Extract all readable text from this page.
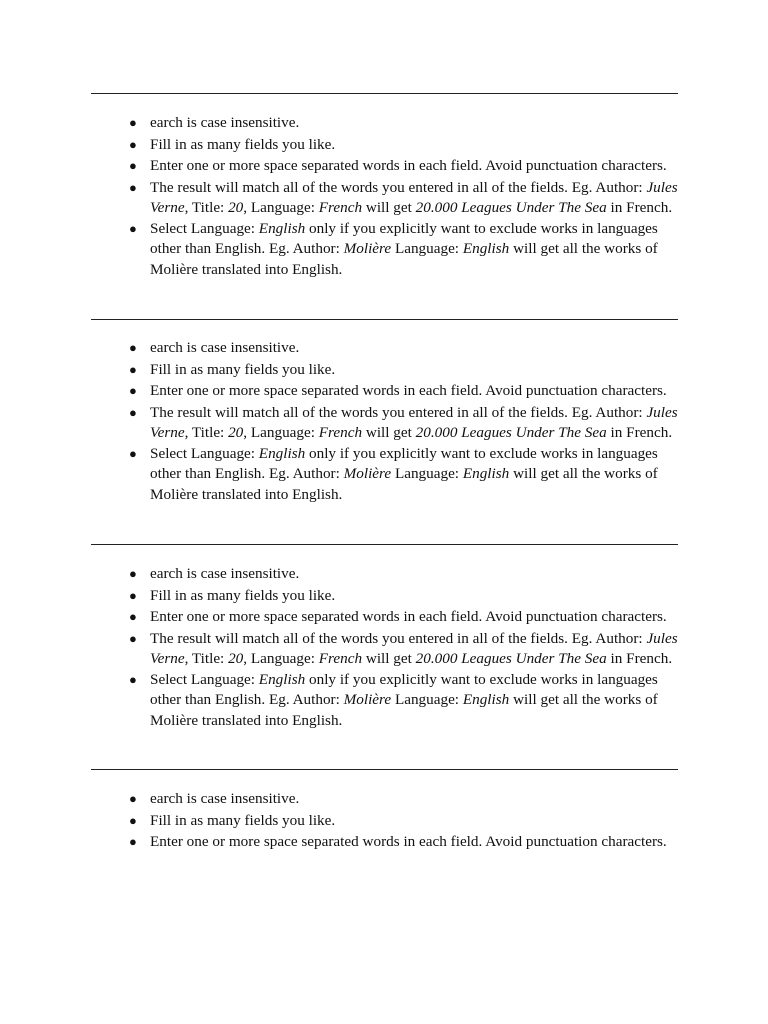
● earch is case insensitive.
● Fill in as many fields you like.
● Enter one or more space separated words in each field. Avoid punctuation characters.
● The result will match all of the words you entered in all of the fields. Eg. Author: Jules Verne, Title: 20, Language: French will get 20.000 Leagues Under The Sea in French.
● Select Language: English only if you explicitly want to exclude works in languages other than English. Eg. Author: Molière Language: English will get all the works of Molière translated into English.
● earch is case insensitive.
● Fill in as many fields you like.
● Enter one or more space separated words in each field. Avoid punctuation characters.
● The result will match all of the words you entered in all of the fields. Eg. Author: Jules Verne, Title: 20, Language: French will get 20.000 Leagues Under The Sea in French.
● Select Language: English only if you explicitly want to exclude works in languages other than English. Eg. Author: Molière Language: English will get all the works of Molière translated into English.
● earch is case insensitive.
● Fill in as many fields you like.
● Enter one or more space separated words in each field. Avoid punctuation characters.
● The result will match all of the words you entered in all of the fields. Eg. Author: Jules Verne, Title: 20, Language: French will get 20.000 Leagues Under The Sea in French.
● Select Language: English only if you explicitly want to exclude works in languages other than English. Eg. Author: Molière Language: English will get all the works of Molière translated into English.
● earch is case insensitive.
● Fill in as many fields you like.
● Enter one or more space separated words in each field. Avoid punctuation characters.
